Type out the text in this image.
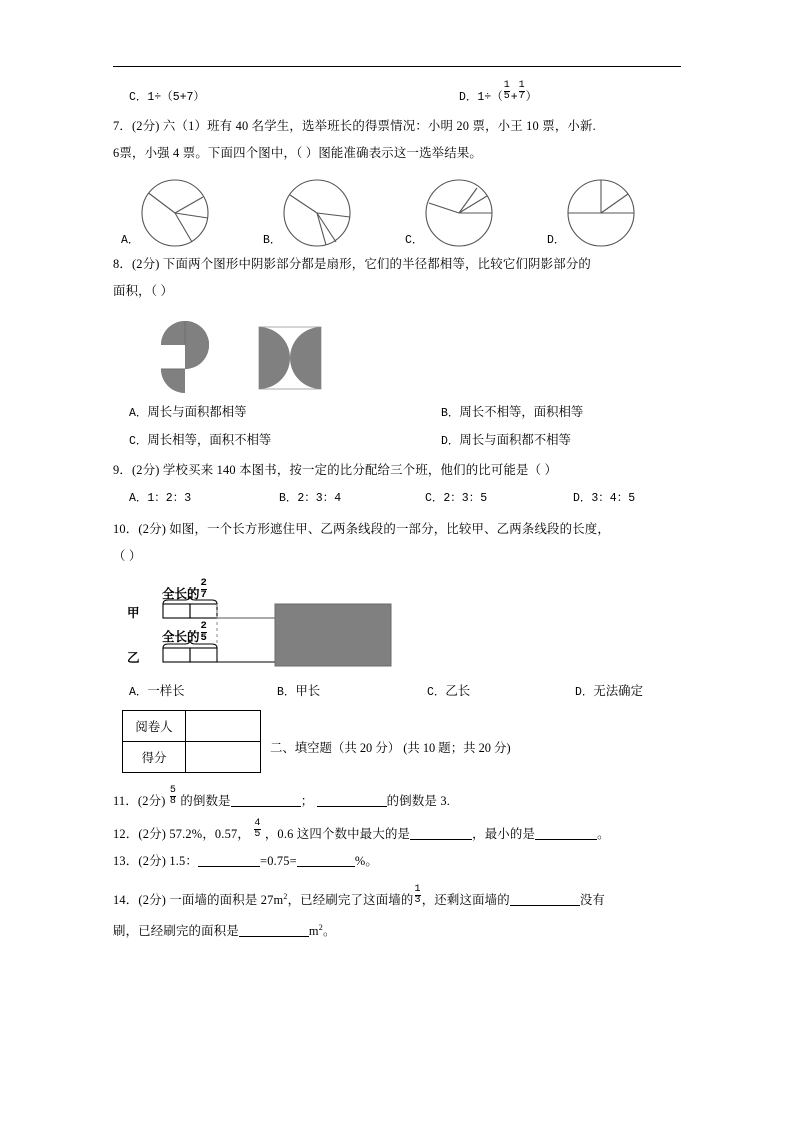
C．1÷（5+7）	D．$1\div( \frac{1}{5} + \frac{1}{7}$ ）
7．(2分) 六（1）班有 40 名学生，选举班长的得票情况：小明 20 票，小王 10 票，小新.
6票，小强 4 票。下面四个图中，（ ）图能准确表示这一选举结果。
A．	B．	C．	D．
8．(2分) 下面两个图形中阴影部分都是扇形，它们的半径都相等，比较它们阴影部分的
面积，（ ）
A．周长与面积都相等	B．周长不相等，面积相等
C．周长相等，面积不相等	D．周长与面积都不相等
9．(2分) 学校买来 140 本图书，按一定的比分配给三个班，他们的比可能是（ ）
A．1：2：3	B．2：3：4	C．2：3：5	D．3：4：5
10．(2分) 如图，一个长方形遮住甲、乙两条线段的一部分，比较甲、乙两条线段的长度，
（ ）
甲
全长的 $\frac{2}{7}$
乙
全长的 $\frac{2}{5}$
A．一样长	B．甲长	C．乙长	D．无法确定
阅卷人	
得分	
二、填空题（共 20 分） (共 10 题；共 20 分)
11．(2分) $\frac{5}{8}$ 的倒数是	；	的倒数是 3.
12．(2分) 57.2%，0.57， $\frac{4}{5}$ ，0.6 这四个数中最大的是	，最小的是	。
13．(2分) 1.5：	=0.75=	%。
14．(2分) 一面墙的面积是 $27m^2$，已经刷完了这面墙的 $\frac{1}{3}$ ，还剩这面墙的	没有
刷，已经刷完的面积是	$m^2$。
